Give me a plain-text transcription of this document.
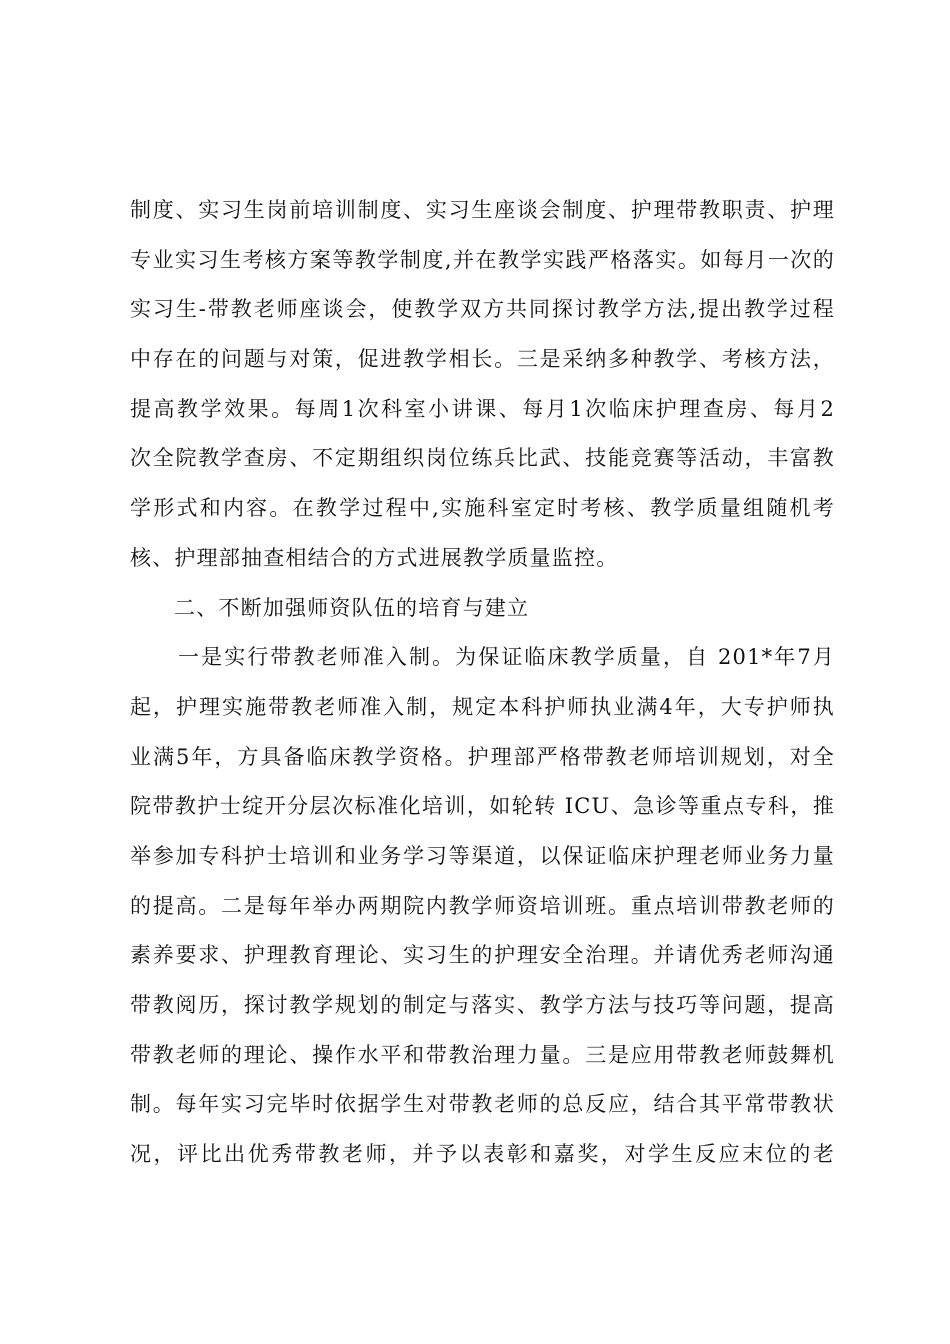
制度、实习生岗前培训制度、实习生座谈会制度、护理带教职责、护理
专业实习生考核方案等教学制度,并在教学实践严格落实。如每月一次的
实习生-带教老师座谈会，使教学双方共同探讨教学方法,提出教学过程
中存在的问题与对策，促进教学相长。三是采纳多种教学、考核方法，
提高教学效果。每周1次科室小讲课、每月1次临床护理查房、每月2
次全院教学查房、不定期组织岗位练兵比武、技能竞赛等活动，丰富教
学形式和内容。在教学过程中,实施科室定时考核、教学质量组随机考
核、护理部抽查相结合的方式进展教学质量监控。
二、不断加强师资队伍的培育与建立
一是实行带教老师准入制。为保证临床教学质量，自 201*年7月
起，护理实施带教老师准入制，规定本科护师执业满4年，大专护师执
业满5年，方具备临床教学资格。护理部严格带教老师培训规划，对全
院带教护士绽开分层次标准化培训，如轮转 ICU、急诊等重点专科，推
举参加专科护士培训和业务学习等渠道，以保证临床护理老师业务力量
的提高。二是每年举办两期院内教学师资培训班。重点培训带教老师的
素养要求、护理教育理论、实习生的护理安全治理。并请优秀老师沟通
带教阅历，探讨教学规划的制定与落实、教学方法与技巧等问题，提高
带教老师的理论、操作水平和带教治理力量。三是应用带教老师鼓舞机
制。每年实习完毕时依据学生对带教老师的总反应，结合其平常带教状
况，评比出优秀带教老师，并予以表彰和嘉奖，对学生反应末位的老
